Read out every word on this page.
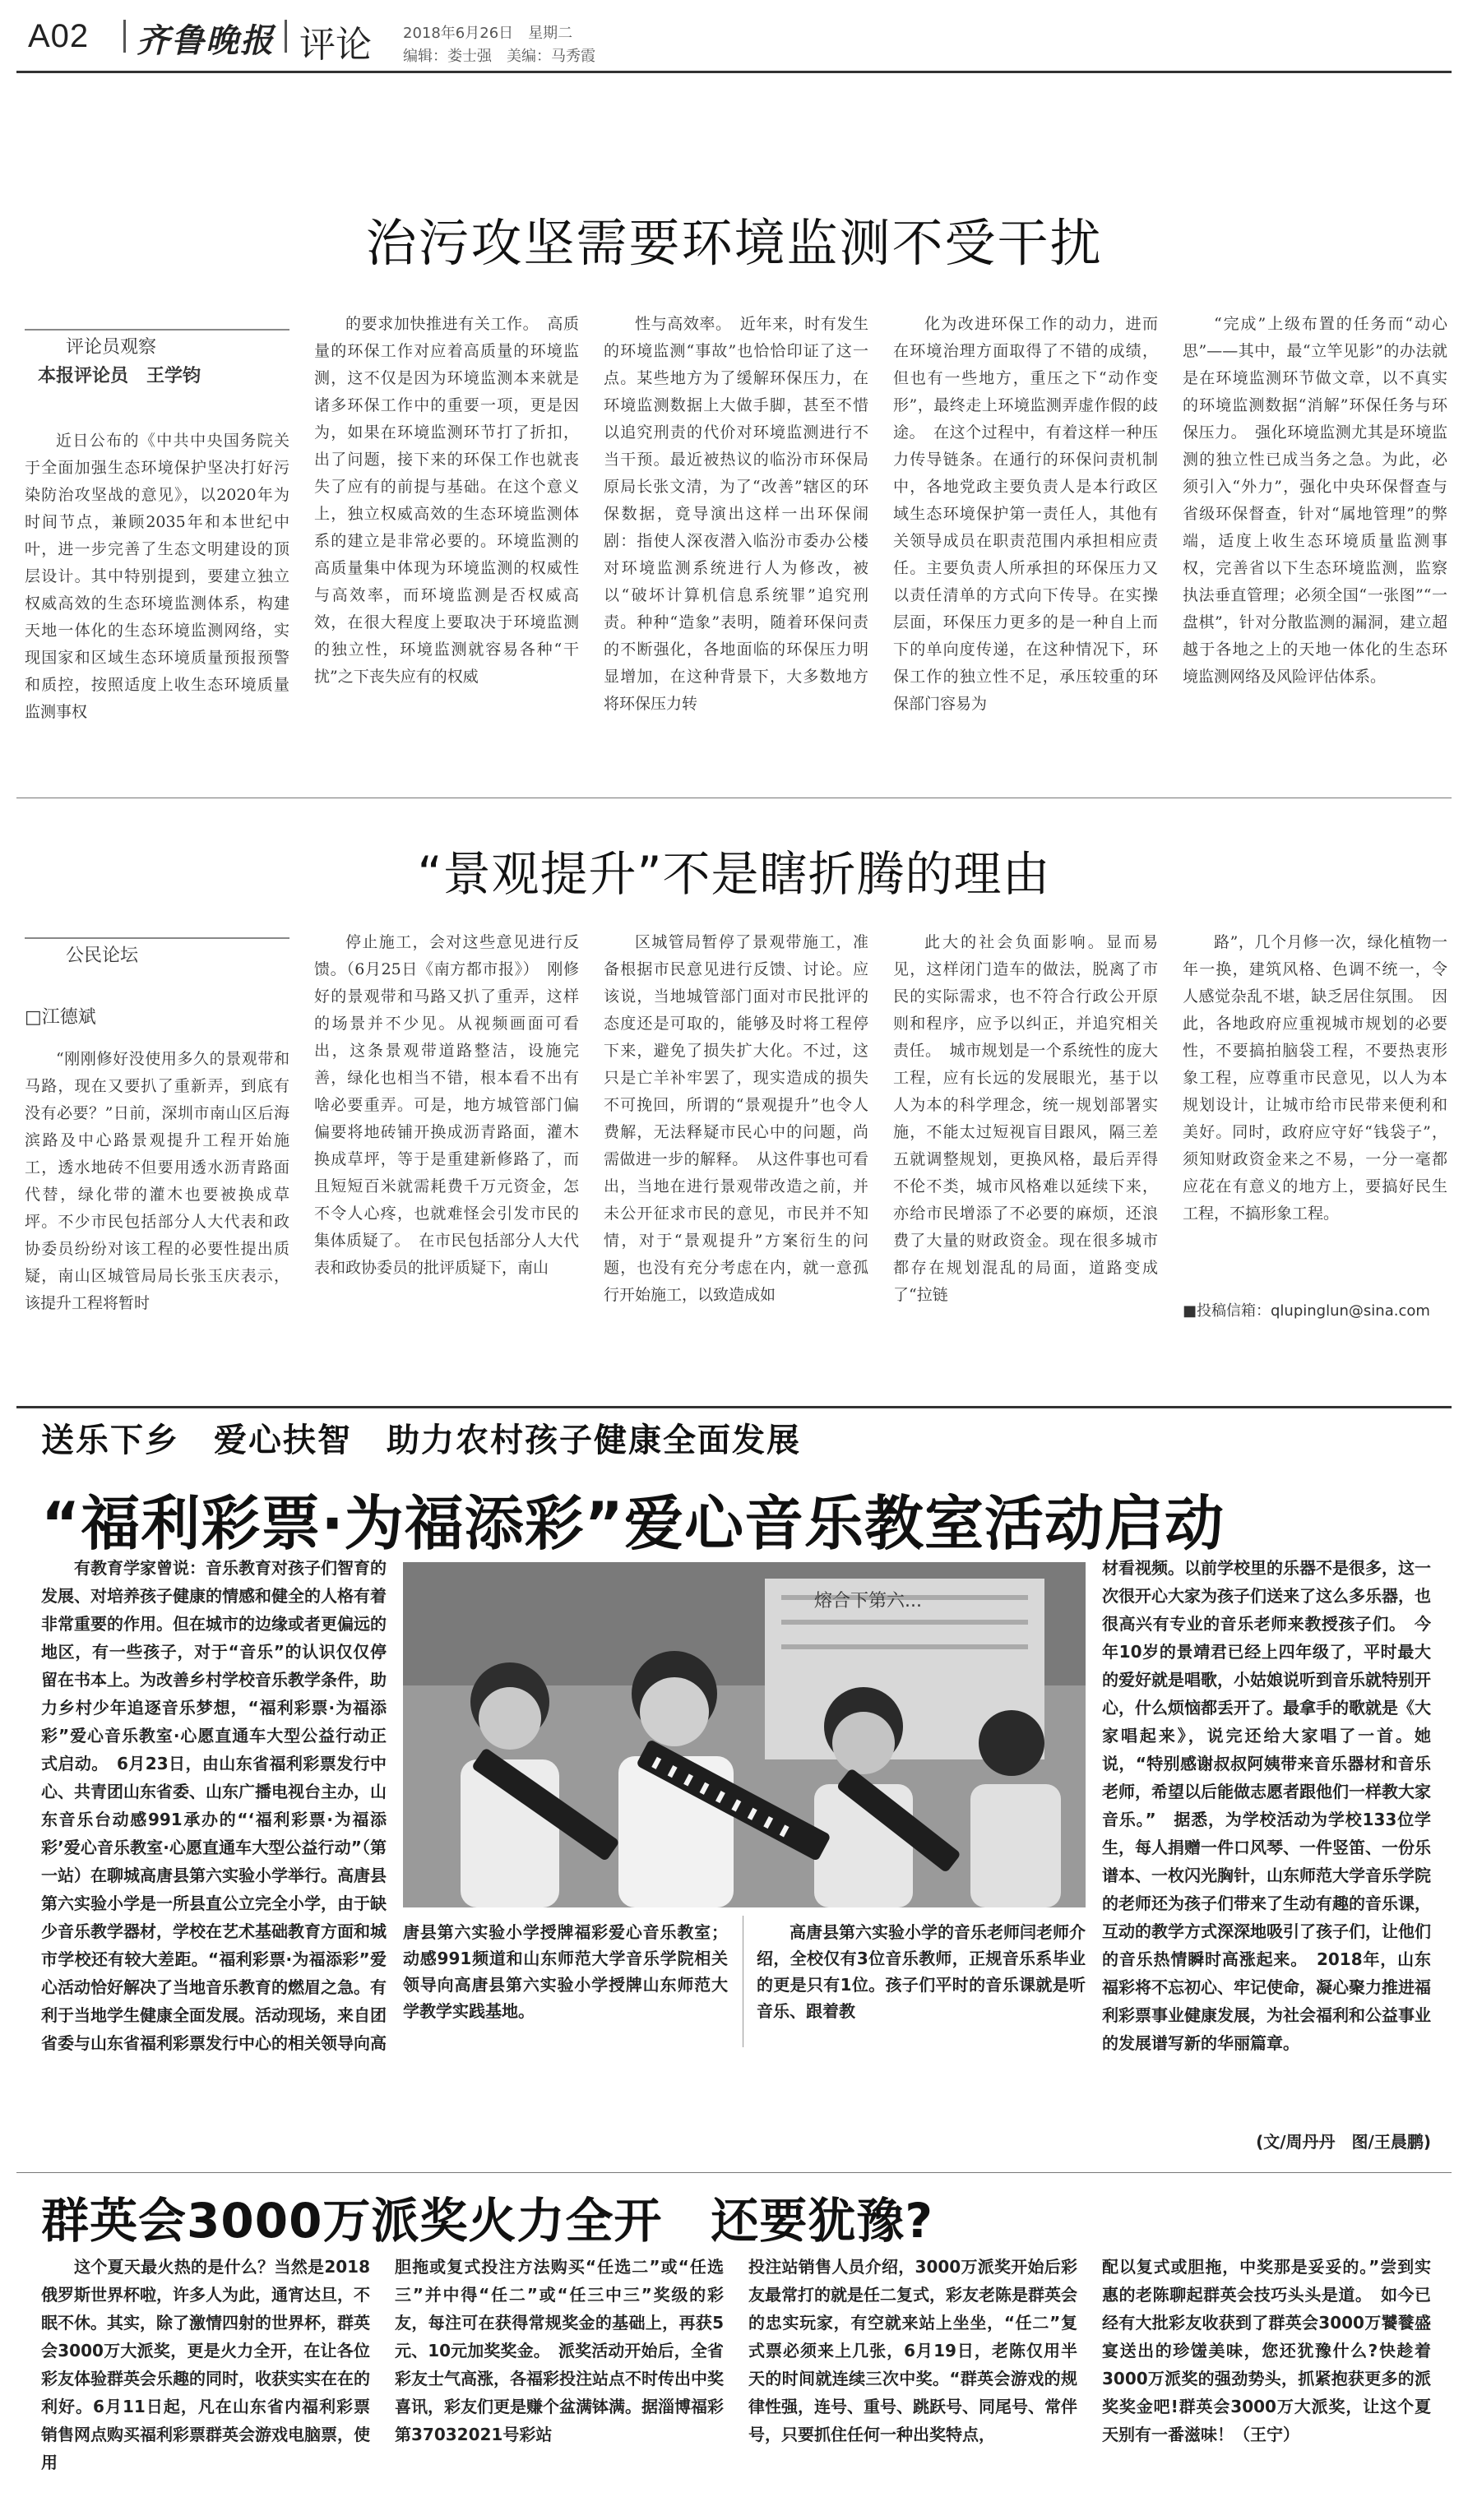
A02 齐鲁晚报 评论 2018年6月26日　星期二
编辑：娄士强　美编：马秀霞
治污攻坚需要环境监测不受干扰
评论员观察
本报评论员　王学钧
近日公布的《中共中央国务院关于全面加强生态环境保护坚决打好污染防治攻坚战的意见》，以2020年为时间节点，兼顾2035年和本世纪中叶，进一步完善了生态文明建设的顶层设计。其中特别提到，要建立独立权威高效的生态环境监测体系，构建天地一体化的生态环境监测网络，实现国家和区域生态环境质量预报预警和质控，按照适度上收生态环境质量监测事权
的要求加快推进有关工作。　高质量的环保工作对应着高质量的环境监测，这不仅是因为环境监测本来就是诸多环保工作中的重要一项，更是因为，如果在环境监测环节打了折扣，出了问题，接下来的环保工作也就丧失了应有的前提与基础。在这个意义上，独立权威高效的生态环境监测体系的建立是非常必要的。环境监测的高质量集中体现为环境监测的权威性与高效率，而环境监测是否权威高效，在很大程度上要取决于环境监测的独立性，环境监测就容易各种“干扰”之下丧失应有的权威
性与高效率。　近年来，时有发生的环境监测“事故”也恰恰印证了这一点。某些地方为了缓解环保压力，在环境监测数据上大做手脚，甚至不惜以追究刑责的代价对环境监测进行不当干预。最近被热议的临汾市环保局原局长张文清，为了“改善”辖区的环保数据，竟导演出这样一出环保闹剧：指使人深夜潜入临汾市委办公楼对环境监测系统进行人为修改，被以“破坏计算机信息系统罪”追究刑责。种种“造象”表明，随着环保问责的不断强化，各地面临的环保压力明显增加，在这种背景下，大多数地方将环保压力转
化为改进环保工作的动力，进而在环境治理方面取得了不错的成绩，但也有一些地方，重压之下“动作变形”，最终走上环境监测弄虚作假的歧途。　在这个过程中，有着这样一种压力传导链条。在通行的环保问责机制中，各地党政主要负责人是本行政区域生态环境保护第一责任人，其他有关领导成员在职责范围内承担相应责任。主要负责人所承担的环保压力又以责任清单的方式向下传导。在实操层面，环保压力更多的是一种自上而下的单向度传递，在这种情况下，环保工作的独立性不足，承压较重的环保部门容易为
“完成”上级布置的任务而“动心思”——其中，最“立竿见影”的办法就是在环境监测环节做文章，以不真实的环境监测数据“消解”环保任务与环保压力。　强化环境监测尤其是环境监测的独立性已成当务之急。为此，必须引入“外力”，强化中央环保督查与省级环保督查，针对“属地管理”的弊端，适度上收生态环境质量监测事权，完善省以下生态环境监测，监察执法垂直管理；必须全国“一张图”“一盘棋”，针对分散监测的漏洞，建立超越于各地之上的天地一体化的生态环境监测网络及风险评估体系。
“景观提升”不是瞎折腾的理由
公民论坛
□江德斌
“刚刚修好没使用多久的景观带和马路，现在又要扒了重新弄，到底有没有必要？”日前，深圳市南山区后海滨路及中心路景观提升工程开始施工，透水地砖不但要用透水沥青路面代替，绿化带的灌木也要被换成草坪。不少市民包括部分人大代表和政协委员纷纷对该工程的必要性提出质疑，南山区城管局局长张玉庆表示，该提升工程将暂时
停止施工，会对这些意见进行反馈。（6月25日《南方都市报》）　刚修好的景观带和马路又扒了重弄，这样的场景并不少见。从视频画面可看出，这条景观带道路整洁，设施完善，绿化也相当不错，根本看不出有啥必要重弄。可是，地方城管部门偏偏要将地砖铺开换成沥青路面，灌木换成草坪，等于是重建新修路了，而且短短百米就需耗费千万元资金，怎不令人心疼，也就难怪会引发市民的集体质疑了。　在市民包括部分人大代表和政协委员的批评质疑下，南山
区城管局暂停了景观带施工，准备根据市民意见进行反馈、讨论。应该说，当地城管部门面对市民批评的态度还是可取的，能够及时将工程停下来，避免了损失扩大化。不过，这只是亡羊补牢罢了，现实造成的损失不可挽回，所谓的“景观提升”也令人费解，无法释疑市民心中的问题，尚需做进一步的解释。　从这件事也可看出，当地在进行景观带改造之前，并未公开征求市民的意见，市民并不知情，对于“景观提升”方案衍生的问题，也没有充分考虑在内，就一意孤行开始施工，以致造成如
此大的社会负面影响。显而易见，这样闭门造车的做法，脱离了市民的实际需求，也不符合行政公开原则和程序，应予以纠正，并追究相关责任。　城市规划是一个系统性的庞大工程，应有长远的发展眼光，基于以人为本的科学理念，统一规划部署实施，不能太过短视盲目跟风，隔三差五就调整规划，更换风格，最后弄得不伦不类，城市风格难以延续下来，亦给市民增添了不必要的麻烦，还浪费了大量的财政资金。现在很多城市都存在规划混乱的局面，道路变成了“拉链
路”，几个月修一次，绿化植物一年一换，建筑风格、色调不统一，令人感觉杂乱不堪，缺乏居住氛围。　因此，各地政府应重视城市规划的必要性，不要搞拍脑袋工程，不要热衷形象工程，应尊重市民意见，以人为本规划设计，让城市给市民带来便利和美好。同时，政府应守好“钱袋子”，须知财政资金来之不易，一分一毫都应花在有意义的地方上，要搞好民生工程，不搞形象工程。
■投稿信箱：qlupinglun@sina.com
送乐下乡　爱心扶智　助力农村孩子健康全面发展
“福利彩票·为福添彩”爱心音乐教室活动启动
有教育学家曾说：音乐教育对孩子们智育的发展、对培养孩子健康的情感和健全的人格有着非常重要的作用。但在城市的边缘或者更偏远的地区，有一些孩子，对于“音乐”的认识仅仅停留在书本上。为改善乡村学校音乐教学条件，助力乡村少年追逐音乐梦想，“福利彩票·为福添彩”爱心音乐教室·心愿直通车大型公益行动正式启动。　6月23日，由山东省福利彩票发行中心、共青团山东省委、山东广播电视台主办，山东音乐台动感991承办的“‘福利彩票·为福添彩’爱心音乐教室·心愿直通车大型公益行动”（第一站）在聊城高唐县第六实验小学举行。高唐县第六实验小学是一所县直公立完全小学，由于缺少音乐教学器材，学校在艺术基础教育方面和城市学校还有较大差距。“福利彩票·为福添彩”爱心活动恰好解决了当地音乐教育的燃眉之急。有利于当地学生健康全面发展。活动现场，来自团省委与山东省福利彩票发行中心的相关领导向高
熔合下第六...
唐县第六实验小学授牌福彩爱心音乐教室；动感991频道和山东师范大学音乐学院相关领导向高唐县第六实验小学授牌山东师范大学教学实践基地。
高唐县第六实验小学的音乐老师闫老师介绍，全校仅有3位音乐教师，正规音乐系毕业的更是只有1位。孩子们平时的音乐课就是听音乐、跟着教
材看视频。以前学校里的乐器不是很多，这一次很开心大家为孩子们送来了这么多乐器，也很高兴有专业的音乐老师来教授孩子们。　今年10岁的景靖君已经上四年级了，平时最大的爱好就是唱歌，小姑娘说听到音乐就特别开心，什么烦恼都丢开了。最拿手的歌就是《大家唱起来》，说完还给大家唱了一首。她说，“特别感谢叔叔阿姨带来音乐器材和音乐老师，希望以后能做志愿者跟他们一样教大家音乐。”　据悉，为学校活动为学校133位学生，每人捐赠一件口风琴、一件竖笛、一份乐谱本、一枚闪光胸针，山东师范大学音乐学院的老师还为孩子们带来了生动有趣的音乐课，互动的教学方式深深地吸引了孩子们，让他们的音乐热情瞬时高涨起来。　2018年，山东福彩将不忘初心、牢记使命，凝心聚力推进福利彩票事业健康发展，为社会福利和公益事业的发展谱写新的华丽篇章。
(文/周丹丹　图/王晨鹏)
群英会3000万派奖火力全开　还要犹豫?
这个夏天最火热的是什么？当然是2018俄罗斯世界杯啦，许多人为此，通宵达旦，不眠不休。其实，除了激情四射的世界杯，群英会3000万大派奖，更是火力全开，在让各位彩友体验群英会乐趣的同时，收获实实在在的利好。6月11日起，凡在山东省内福利彩票销售网点购买福利彩票群英会游戏电脑票，使用
胆拖或复式投注方法购买“任选二”或“任选三”并中得“任二”或“任三中三”奖级的彩友，每注可在获得常规奖金的基础上，再获5元、10元加奖奖金。　派奖活动开始后，全省彩友士气高涨，各福彩投注站点不时传出中奖喜讯，彩友们更是赚个盆满钵满。据淄博福彩第37032021号彩站
投注站销售人员介绍，3000万派奖开始后彩友最常打的就是任二复式，彩友老陈是群英会的忠实玩家，有空就来站上坐坐，“任二”复式票必须来上几张，6月19日，老陈仅用半天的时间就连续三次中奖。“群英会游戏的规律性强，连号、重号、跳跃号、同尾号、常伴号，只要抓住任何一种出奖特点，
配以复式或胆拖，中奖那是妥妥的。”尝到实惠的老陈聊起群英会技巧头头是道。　如今已经有大批彩友收获到了群英会3000万饕餮盛宴送出的珍馐美味，您还犹豫什么?快趁着3000万派奖的强劲势头，抓紧抱获更多的派奖奖金吧!群英会3000万大派奖，让这个夏天别有一番滋味！（王宁）
